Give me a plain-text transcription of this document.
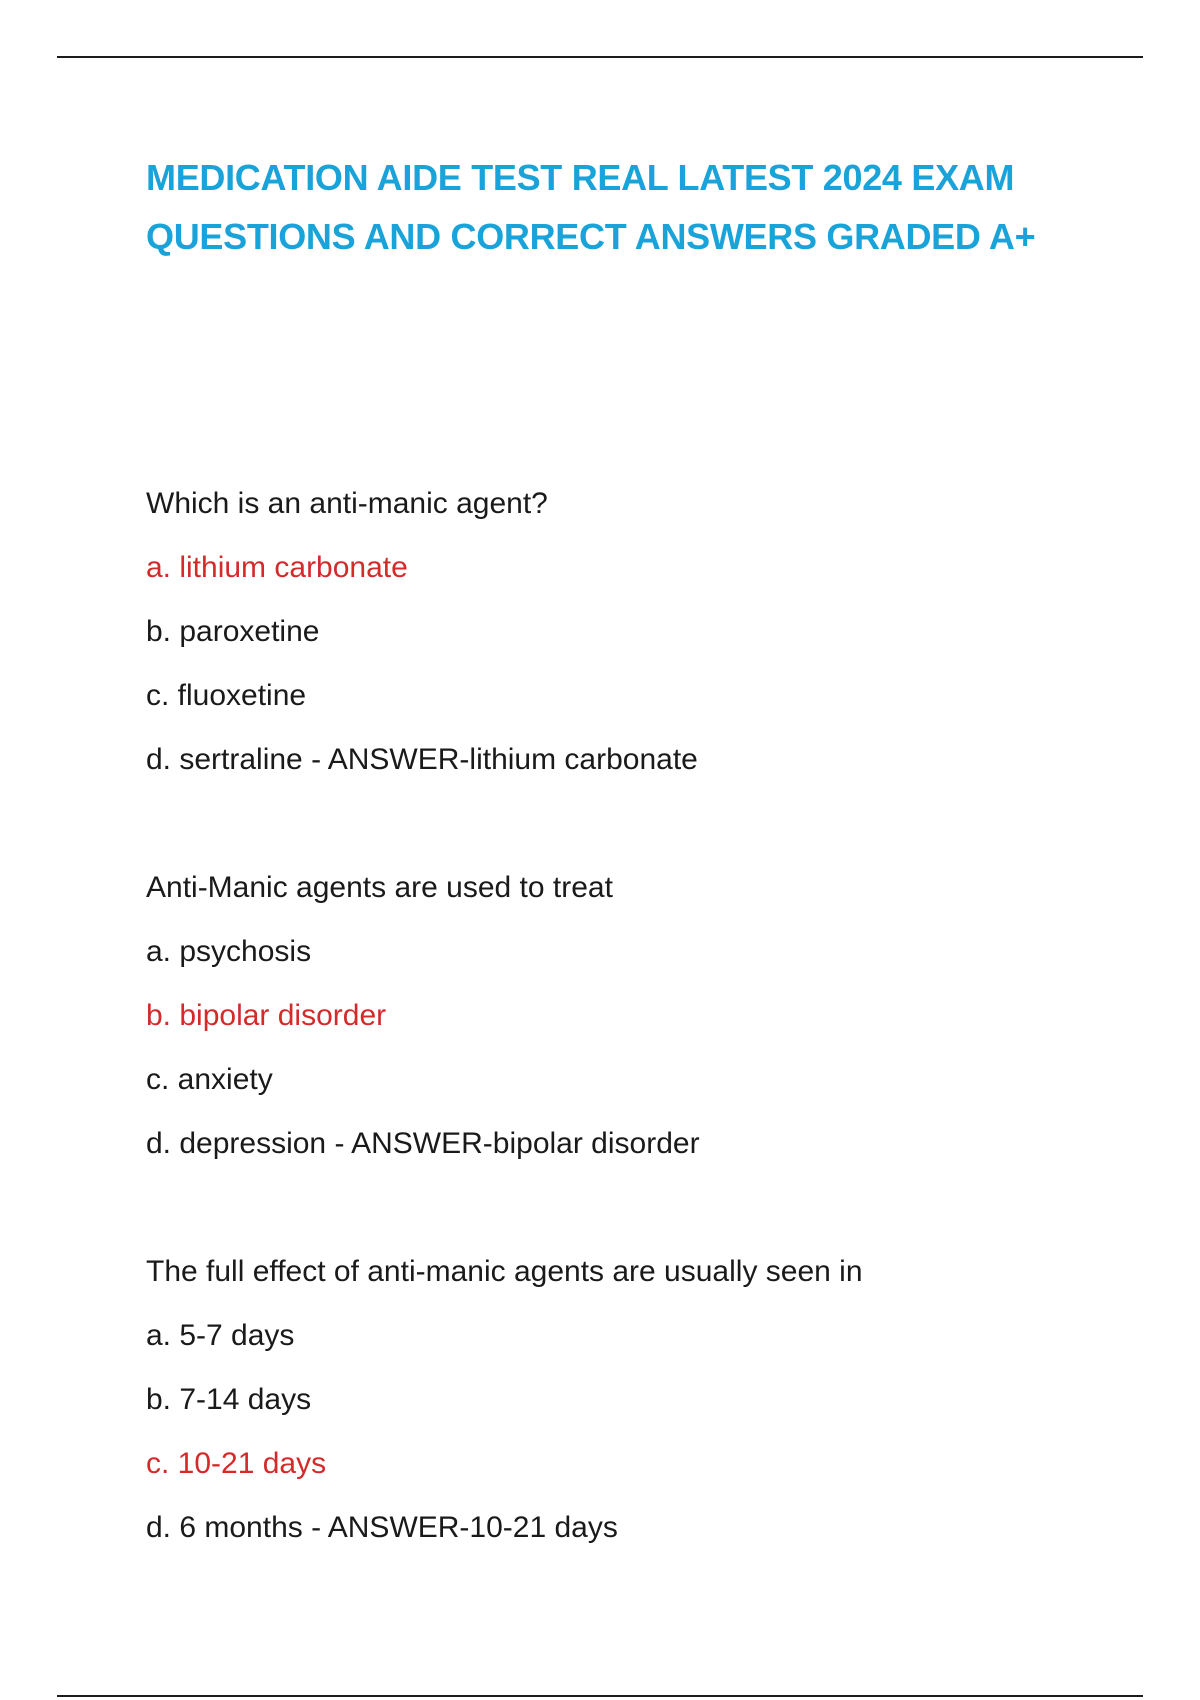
MEDICATION AIDE TEST REAL LATEST 2024 EXAM
QUESTIONS AND CORRECT ANSWERS GRADED A+
Which is an anti-manic agent?
a. lithium carbonate
b. paroxetine
c. fluoxetine
d. sertraline - ANSWER-lithium carbonate
Anti-Manic agents are used to treat
a. psychosis
b. bipolar disorder
c. anxiety
d. depression - ANSWER-bipolar disorder
The full effect of anti-manic agents are usually seen in
a. 5-7 days
b. 7-14 days
c. 10-21 days
d. 6 months - ANSWER-10-21 days
